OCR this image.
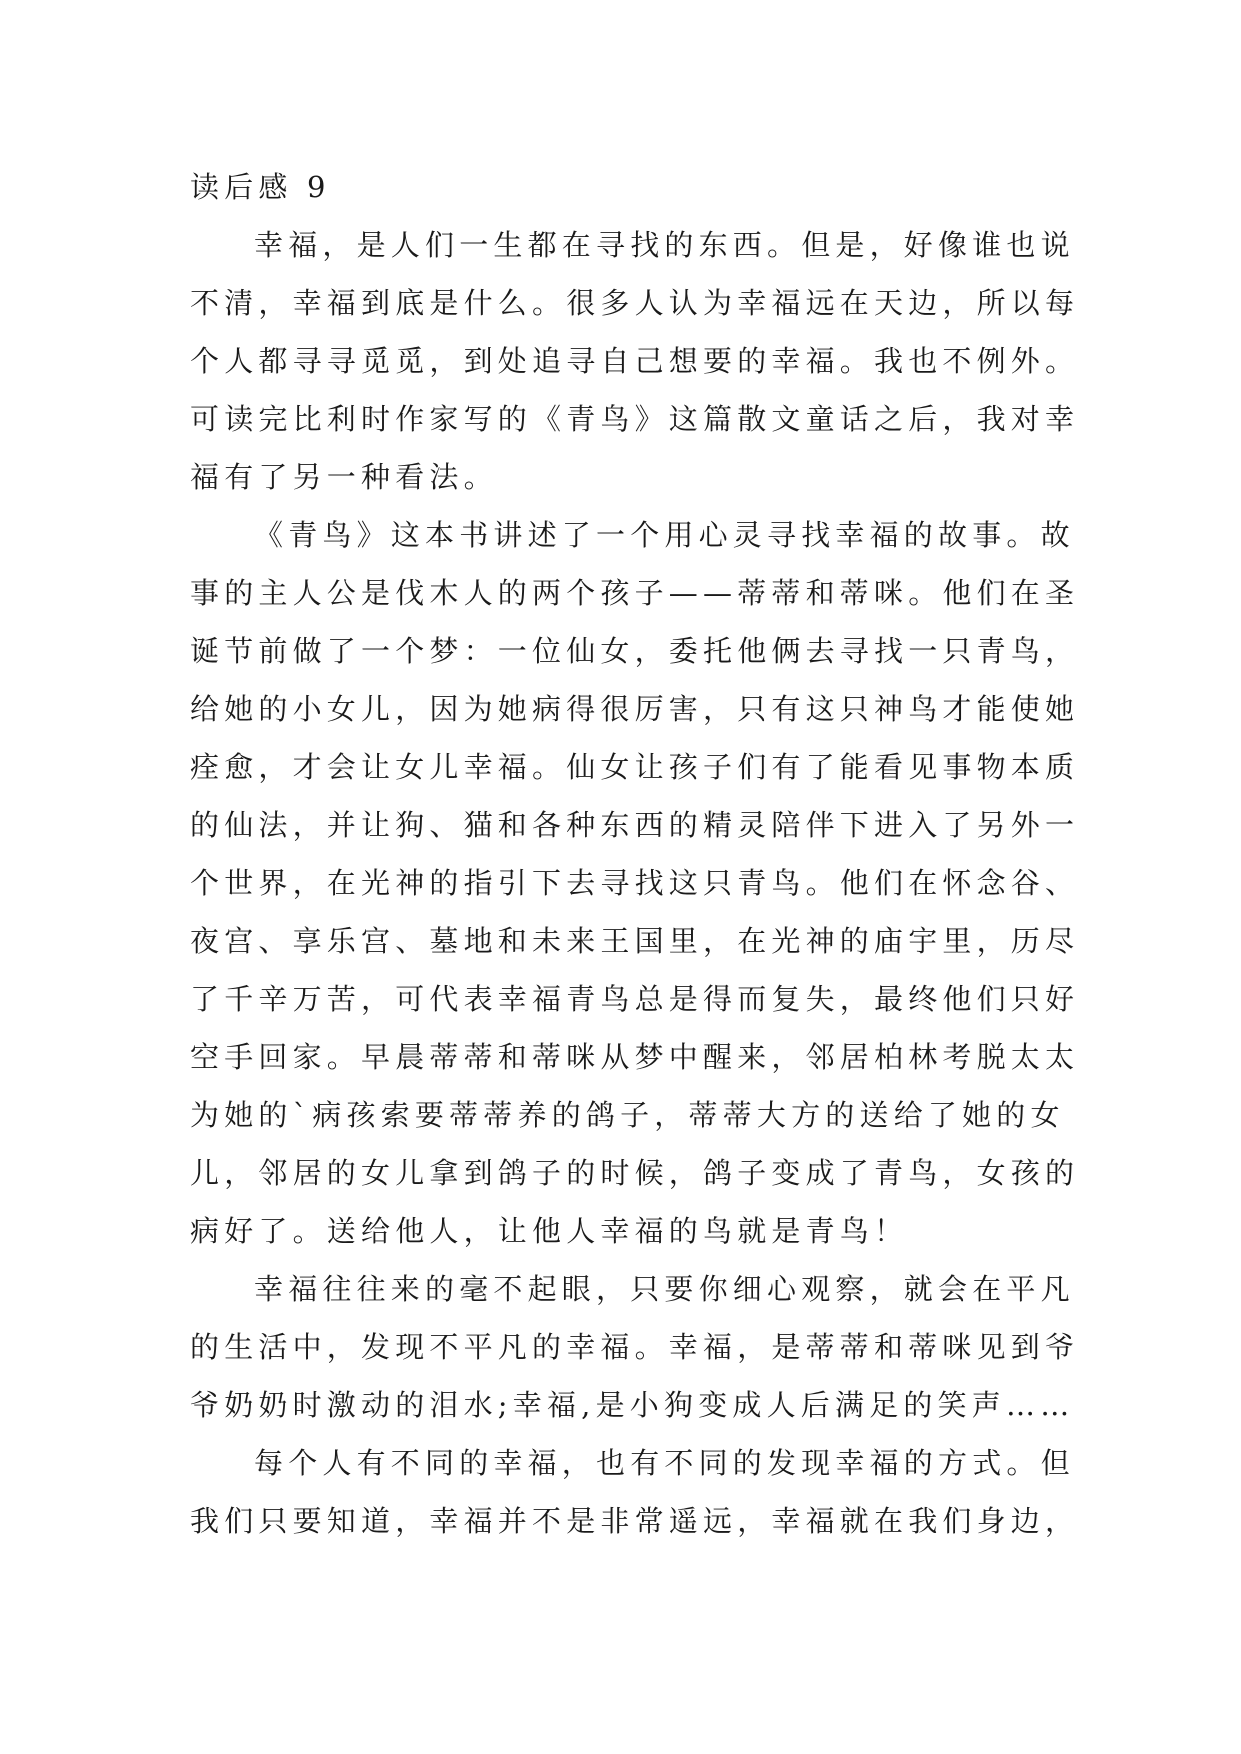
读后感 9
幸福，是人们一生都在寻找的东西。但是，好像谁也说
不清，幸福到底是什么。很多人认为幸福远在天边，所以每
个人都寻寻觅觅，到处追寻自己想要的幸福。我也不例外。
可读完比利时作家写的《青鸟》这篇散文童话之后，我对幸
福有了另一种看法。
《青鸟》这本书讲述了一个用心灵寻找幸福的故事。故
事的主人公是伐木人的两个孩子——蒂蒂和蒂咪。他们在圣
诞节前做了一个梦：一位仙女，委托他俩去寻找一只青鸟，
给她的小女儿，因为她病得很厉害，只有这只神鸟才能使她
痊愈，才会让女儿幸福。仙女让孩子们有了能看见事物本质
的仙法，并让狗、猫和各种东西的精灵陪伴下进入了另外一
个世界，在光神的指引下去寻找这只青鸟。他们在怀念谷、
夜宫、享乐宫、墓地和未来王国里，在光神的庙宇里，历尽
了千辛万苦，可代表幸福青鸟总是得而复失，最终他们只好
空手回家。早晨蒂蒂和蒂咪从梦中醒来，邻居柏林考脱太太
为她的`病孩索要蒂蒂养的鸽子，蒂蒂大方的送给了她的女
儿，邻居的女儿拿到鸽子的时候，鸽子变成了青鸟，女孩的
病好了。送给他人，让他人幸福的鸟就是青鸟！
幸福往往来的毫不起眼，只要你细心观察，就会在平凡
的生活中，发现不平凡的幸福。幸福，是蒂蒂和蒂咪见到爷
爷奶奶时激动的泪水;幸福,是小狗变成人后满足的笑声……
每个人有不同的幸福，也有不同的发现幸福的方式。但
我们只要知道，幸福并不是非常遥远，幸福就在我们身边，
